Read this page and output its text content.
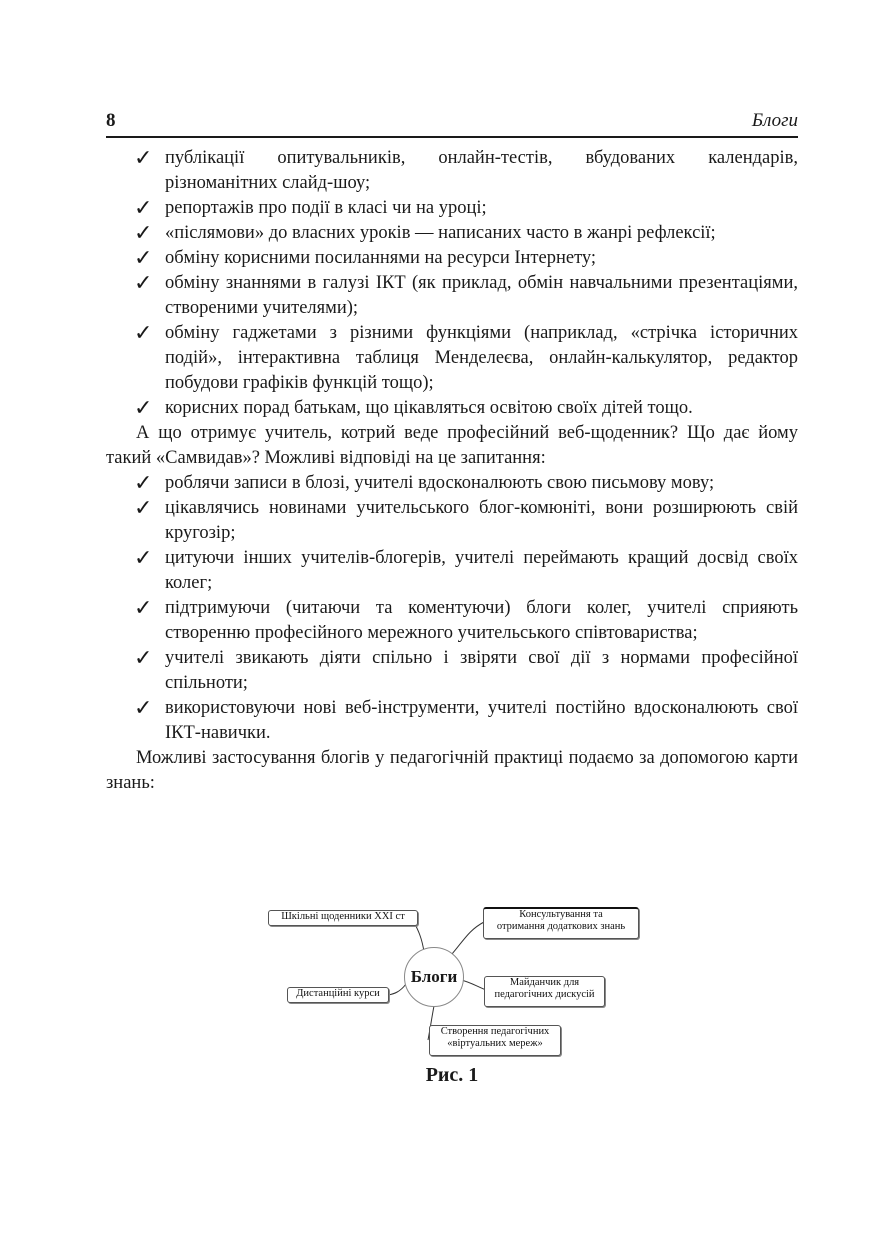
8	Блоги
✓ публікації опитувальників, онлайн-тестів, вбудованих календарів, різноманітних слайд-шоу;
✓ репортажів про події в класі чи на уроці;
✓ «післямови» до власних уроків — написаних часто в жанрі рефлексії;
✓ обміну корисними посиланнями на ресурси Інтернету;
✓ обміну знаннями в галузі ІКТ (як приклад, обмін навчальними презентаціями, створеними учителями);
✓ обміну гаджетами з різними функціями (наприклад, «стрічка історичних подій», інтерактивна таблиця Менделеєва, онлайн-калькулятор, редактор побудови графіків функцій тощо);
✓ корисних порад батькам, що цікавляться освітою своїх дітей тощо.

А що отримує учитель, котрий веде професійний веб-щоденник? Що дає йому такий «Самвидав»? Можливі відповіді на це запитання:

✓ роблячи записи в блозі, учителі вдосконалюють свою письмову мову;
✓ цікавлячись новинами учительського блог-комюніті, вони розширюють свій кругозір;
✓ цитуючи інших учителів-блогерів, учителі переймають кращий досвід своїх колег;
✓ підтримуючи (читаючи та коментуючи) блоги колег, учителі сприяють створенню професійного мережного учительського співтовариства;
✓ учителі звикають діяти спільно і звіряти свої дії з нормами професійної спільноти;
✓ використовуючи нові веб-інструменти, учителі постійно вдосконалюють свої ІКТ-навички.

Можливі застосування блогів у педагогічній практиці подаємо за допомогою карти знань:

Шкільні щоденники XXI ст	Консультування та
отримання додаткових знань
Блоги
Дистанційні курси
Майданчик для
педагогічних дискусій
Створення педагогічних
«віртуальних мереж»
Рис. 1
